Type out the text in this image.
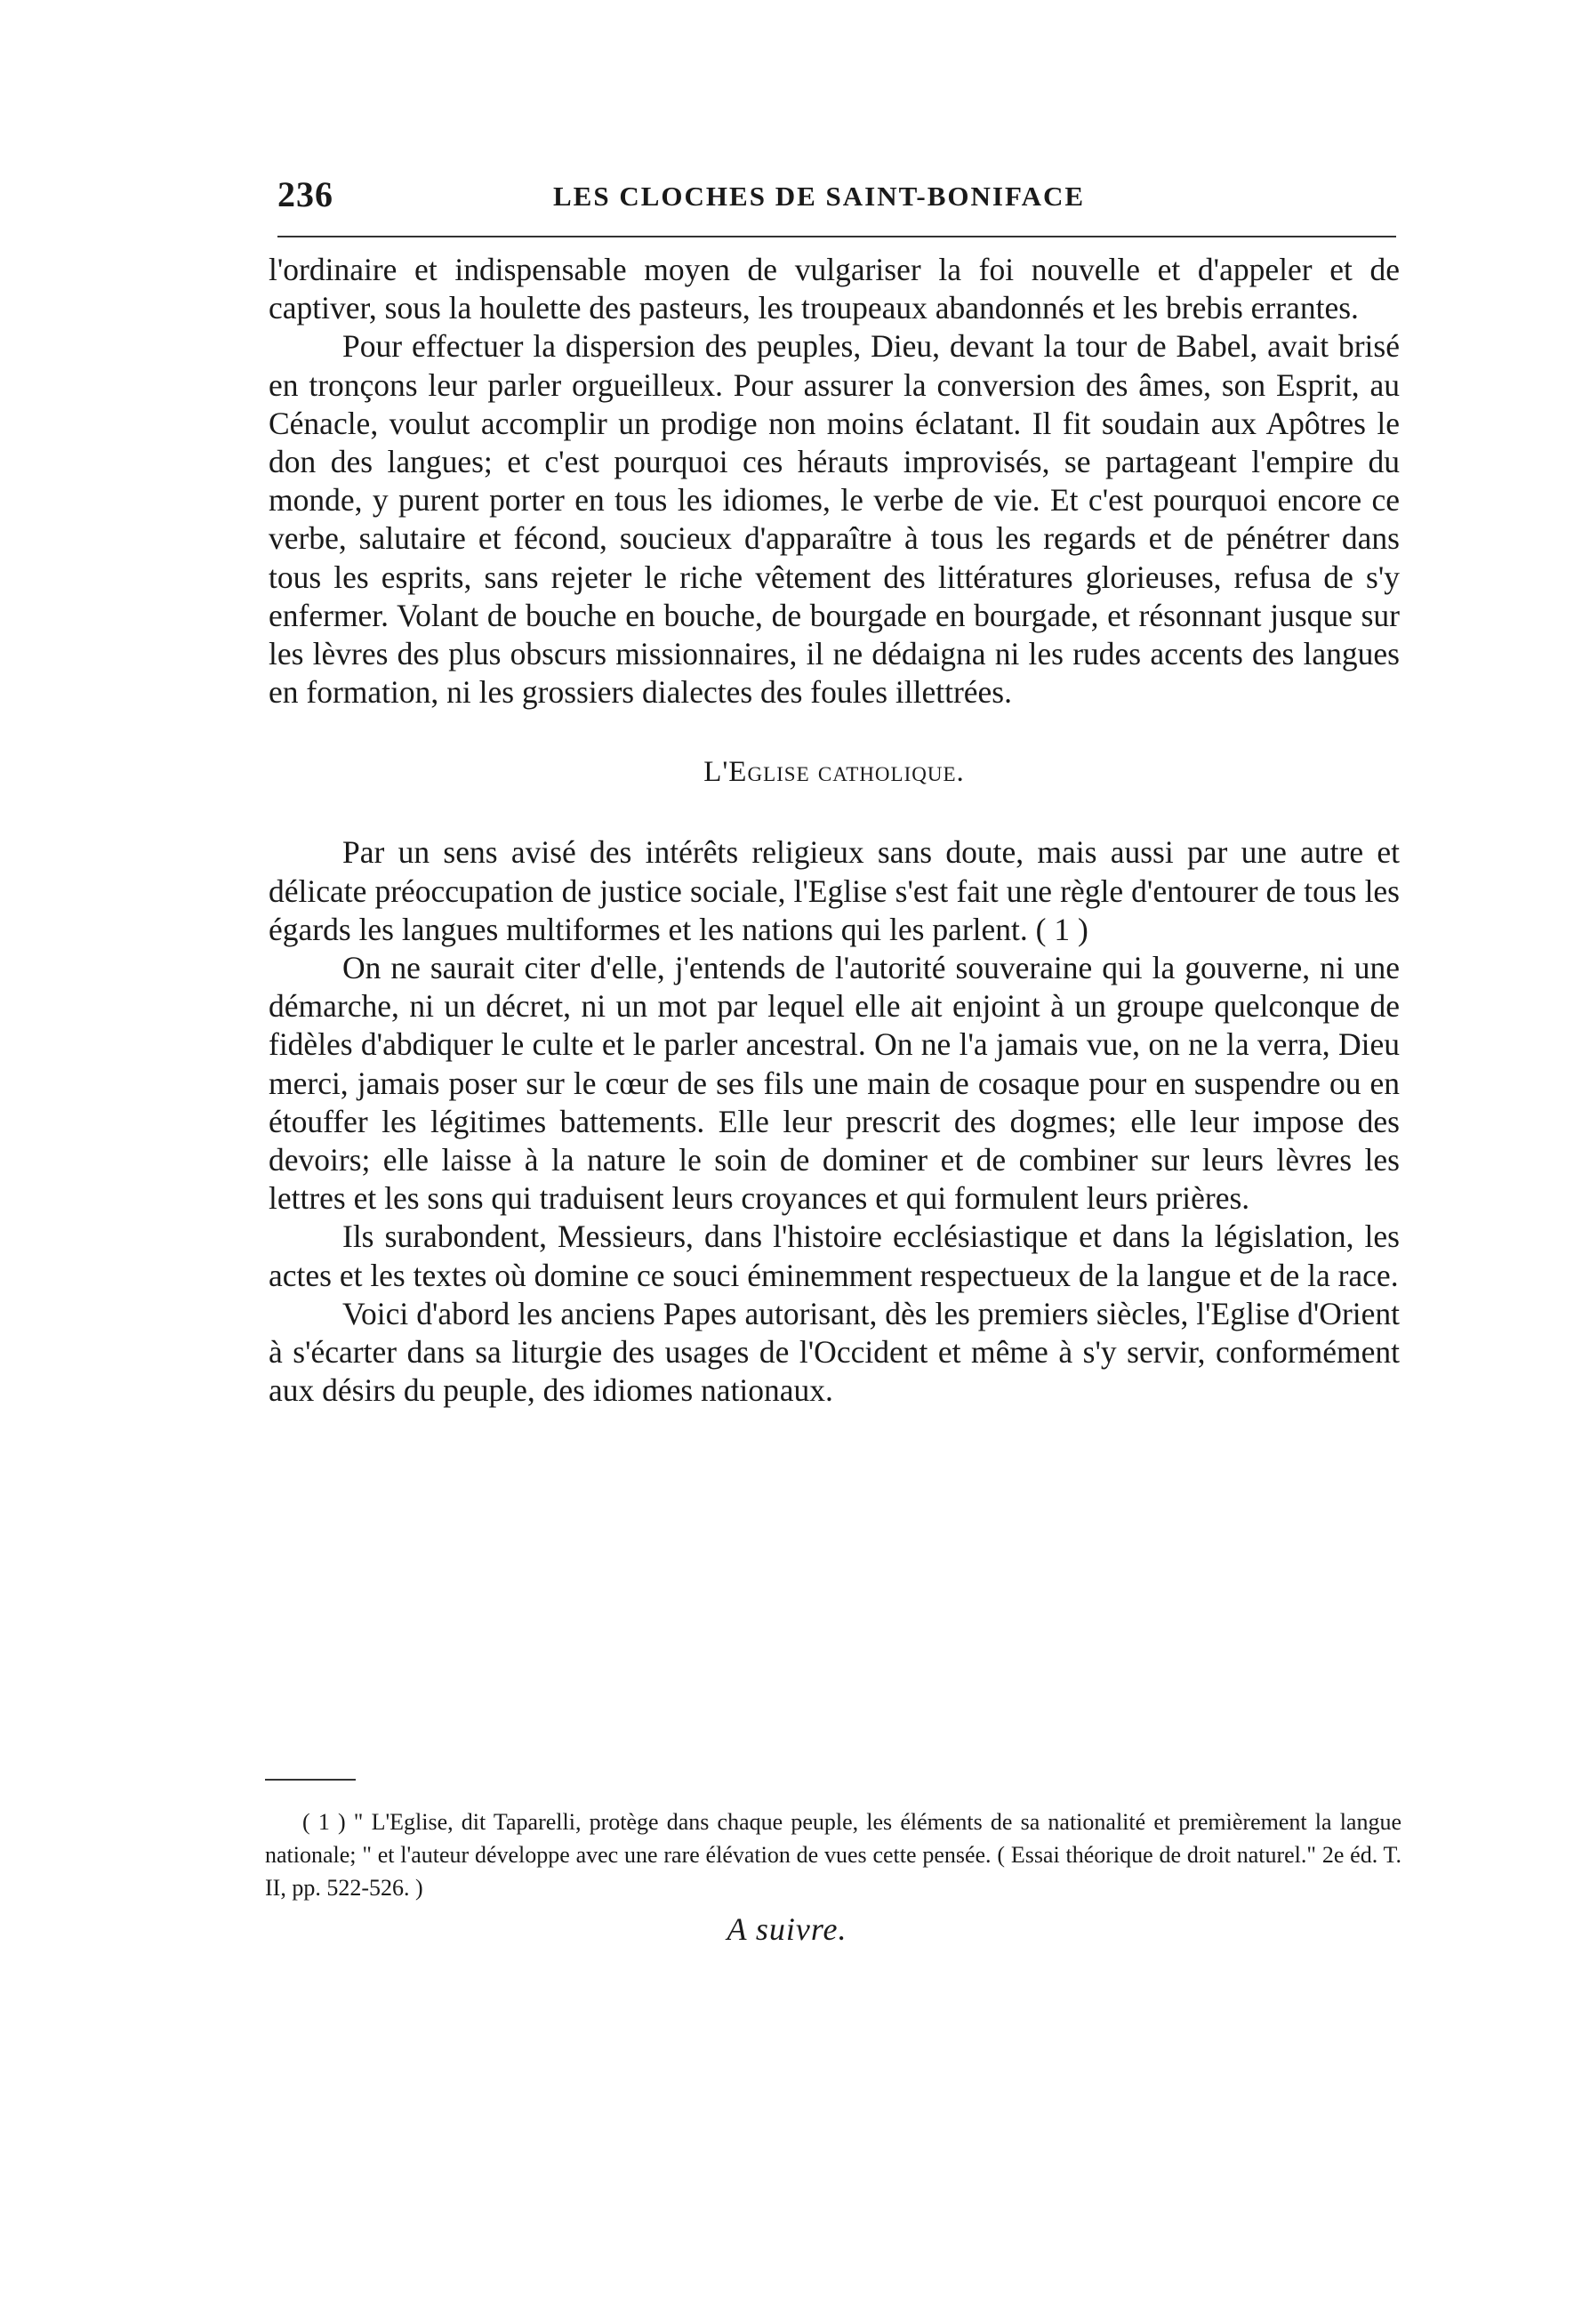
236	LES CLOCHES DE SAINT-BONIFACE

l'ordinaire et indispensable moyen de vulgariser la foi nouvelle et d'appeler et de captiver, sous la houlette des pasteurs, les troupeaux abandonnés et les brebis errantes.

Pour effectuer la dispersion des peuples, Dieu, devant la tour de Babel, avait brisé en tronçons leur parler orgueilleux. Pour assurer la conversion des âmes, son Esprit, au Cénacle, voulut accomplir un prodige non moins éclatant. Il fit soudain aux Apôtres le don des langues; et c'est pourquoi ces hérauts improvisés, se partageant l'empire du monde, y purent porter en tous les idiomes, le verbe de vie. Et c'est pourquoi encore ce verbe, salutaire et fécond, soucieux d'apparaître à tous les regards et de pénétrer dans tous les esprits, sans rejeter le riche vêtement des littératures glorieuses, refusa de s'y enfermer. Volant de bouche en bouche, de bourgade en bourgade, et résonnant jusque sur les lèvres des plus obscurs missionnaires, il ne dédaigna ni les rudes accents des langues en formation, ni les grossiers dialectes des foules illettrées.

L'Eglise catholique.

Par un sens avisé des intérêts religieux sans doute, mais aussi par une autre et délicate préoccupation de justice sociale, l'Eglise s'est fait une règle d'entourer de tous les égards les langues multiformes et les nations qui les parlent. ( 1 )

On ne saurait citer d'elle, j'entends de l'autorité souveraine qui la gouverne, ni une démarche, ni un décret, ni un mot par lequel elle ait enjoint à un groupe quelconque de fidèles d'abdiquer le culte et le parler ancestral. On ne l'a jamais vue, on ne la verra, Dieu merci, jamais poser sur le cœur de ses fils une main de cosaque pour en suspendre ou en étouffer les légitimes battements. Elle leur prescrit des dogmes; elle leur impose des devoirs; elle laisse à la nature le soin de dominer et de combiner sur leurs lèvres les lettres et les sons qui traduisent leurs croyances et qui formulent leurs prières.

Ils surabondent, Messieurs, dans l'histoire ecclésiastique et dans la législation, les actes et les textes où domine ce souci éminemment respectueux de la langue et de la race.

Voici d'abord les anciens Papes autorisant, dès les premiers siècles, l'Eglise d'Orient à s'écarter dans sa liturgie des usages de l'Occident et même à s'y servir, conformément aux désirs du peuple, des idiomes nationaux.

( 1 ) " L'Eglise, dit Taparelli, protège dans chaque peuple, les éléments de sa nationalité et premièrement la langue nationale; " et l'auteur développe avec une rare élévation de vues cette pensée. ( Essai théorique de droit naturel." 2e éd. T. II, pp. 522-526. )

A suivre.
